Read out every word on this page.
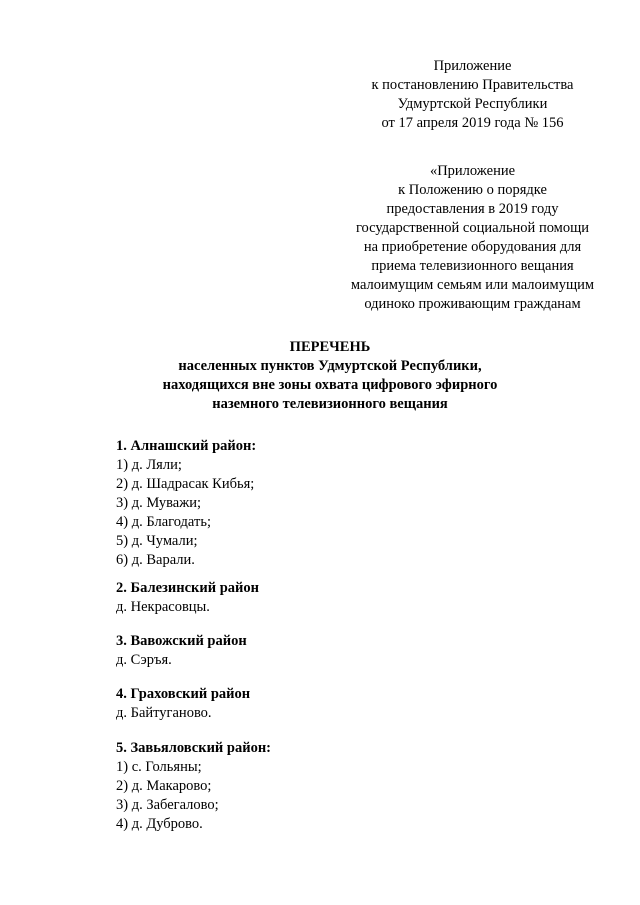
Приложение
к постановлению Правительства
Удмуртской Республики
от 17 апреля 2019 года № 156
«Приложение
к Положению о порядке
предоставления в 2019 году
государственной социальной помощи
на приобретение оборудования для
приема телевизионного вещания
малоимущим семьям или малоимущим
одиноко проживающим гражданам
ПЕРЕЧЕНЬ
населенных пунктов Удмуртской Республики,
находящихся вне зоны охвата цифрового эфирного
наземного телевизионного вещания
1. Алнашский район:
1) д. Ляли;
2) д. Шадрасак Кибья;
3) д. Муважи;
4) д. Благодать;
5) д. Чумали;
6) д. Варали.
2. Балезинский район
д. Некрасовцы.
3. Вавожский район
д. Сэръя.
4. Граховский район
д. Байтуганово.
5. Завьяловский район:
1) с. Гольяны;
2) д. Макарово;
3) д. Забегалово;
4) д. Дуброво.
